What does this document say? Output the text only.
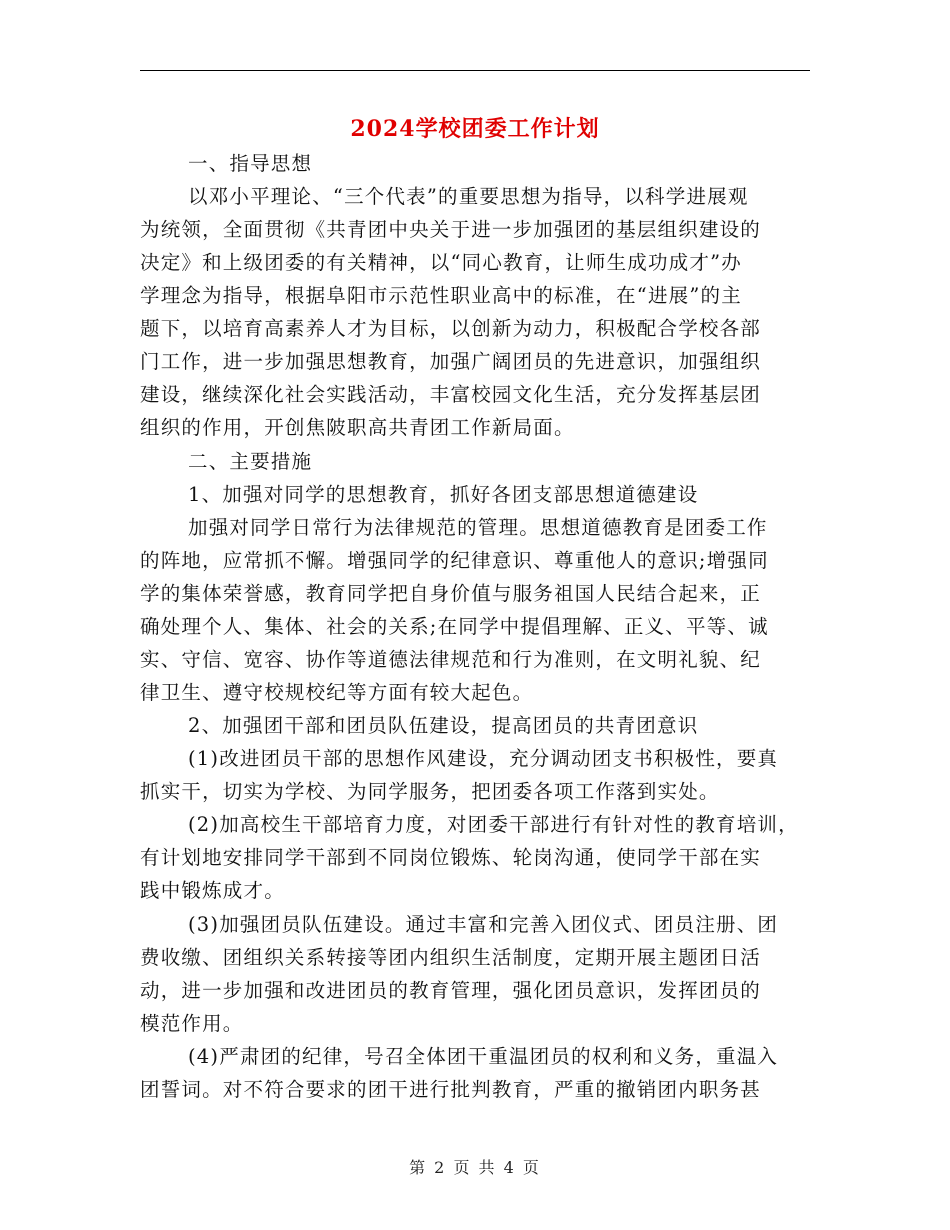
2024学校团委工作计划
一、指导思想
以邓小平理论、“三个代表”的重要思想为指导，以科学进展观
为统领，全面贯彻《共青团中央关于进一步加强团的基层组织建设的
决定》和上级团委的有关精神，以“同心教育，让师生成功成才”办
学理念为指导，根据阜阳市示范性职业高中的标准，在“进展”的主
题下，以培育高素养人才为目标，以创新为动力，积极配合学校各部
门工作，进一步加强思想教育，加强广阔团员的先进意识，加强组织
建设，继续深化社会实践活动，丰富校园文化生活，充分发挥基层团
组织的作用，开创焦陂职高共青团工作新局面。
二、主要措施
1、加强对同学的思想教育，抓好各团支部思想道德建设
加强对同学日常行为法律规范的管理。思想道德教育是团委工作
的阵地，应常抓不懈。增强同学的纪律意识、尊重他人的意识;增强同
学的集体荣誉感，教育同学把自身价值与服务祖国人民结合起来，正
确处理个人、集体、社会的关系;在同学中提倡理解、正义、平等、诚
实、守信、宽容、协作等道德法律规范和行为准则，在文明礼貌、纪
律卫生、遵守校规校纪等方面有较大起色。
2、加强团干部和团员队伍建设，提高团员的共青团意识
(1)改进团员干部的思想作风建设，充分调动团支书积极性，要真
抓实干，切实为学校、为同学服务，把团委各项工作落到实处。
(2)加高校生干部培育力度，对团委干部进行有针对性的教育培训，
有计划地安排同学干部到不同岗位锻炼、轮岗沟通，使同学干部在实
践中锻炼成才。
(3)加强团员队伍建设。通过丰富和完善入团仪式、团员注册、团
费收缴、团组织关系转接等团内组织生活制度，定期开展主题团日活
动，进一步加强和改进团员的教育管理，强化团员意识，发挥团员的
模范作用。
(4)严肃团的纪律，号召全体团干重温团员的权利和义务，重温入
团誓词。对不符合要求的团干进行批判教育，严重的撤销团内职务甚
第 2 页 共 4 页
